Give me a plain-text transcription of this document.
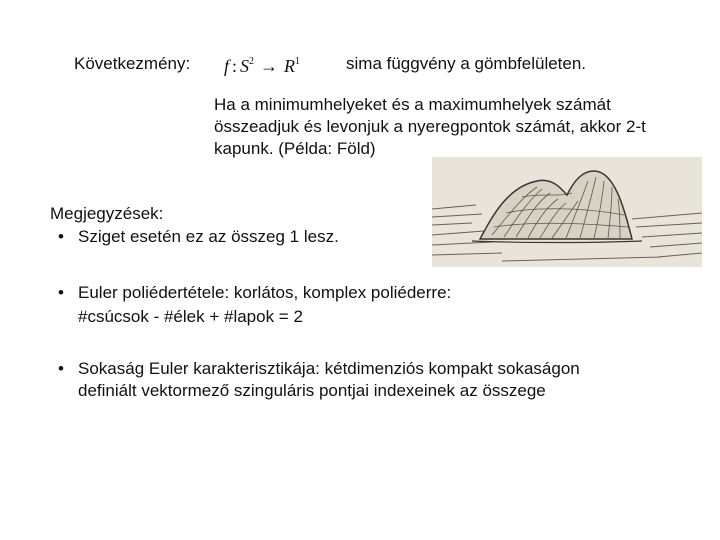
Következmény: f : $S^2 \to R^1$	sima függvény a gömbfelületen.
Ha a minimumhelyeket és a maximumhelyek számát
összeadjuk és levonjuk a nyeregpontok számát, akkor 2-t
kapunk. (Példa: Föld)
Megjegyzések:
• Sziget esetén ez az összeg 1 lesz.
• Euler poliédertétele: korlátos, komplex poliéderre:
#csúcsok - #élek + #lapok = 2
• Sokaság Euler karakterisztikája: kétdimenziós kompakt sokaságon
definiált vektormező szinguláris pontjai indexeinek az összege
